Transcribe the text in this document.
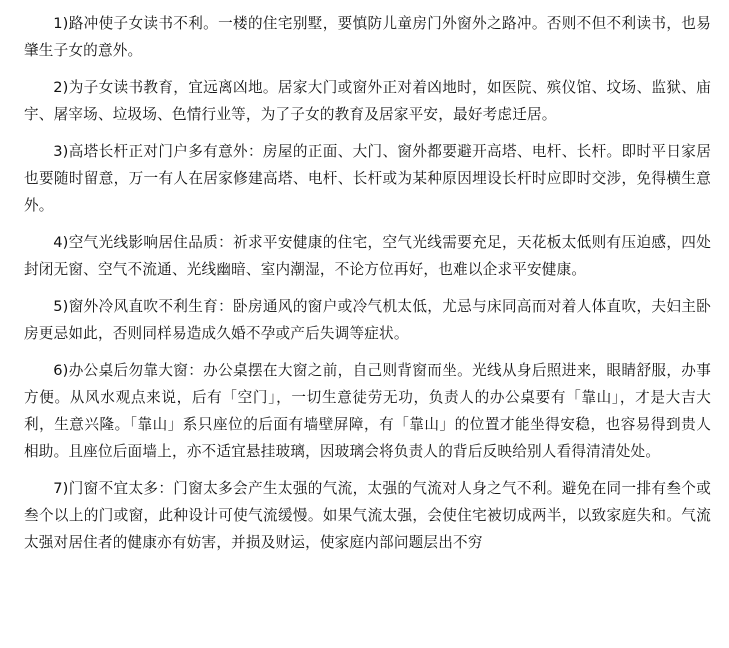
1)路冲使子女读书不利。一楼的住宅别墅，要慎防儿童房门外窗外之路冲。否则不但不利读书，也易肇生子女的意外。

2)为子女读书教育，宜远离凶地。居家大门或窗外正对着凶地时，如医院、殡仪馆、坟场、监狱、庙宇、屠宰场、垃圾场、色情行业等，为了子女的教育及居家平安，最好考虑迁居。

3)高塔长杆正对门户多有意外：房屋的正面、大门、窗外都要避开高塔、电杆、长杆。即时平日家居也要随时留意，万一有人在居家修建高塔、电杆、长杆或为某种原因埋设长杆时应即时交涉，免得横生意外。

4)空气光线影响居住品质：祈求平安健康的住宅，空气光线需要充足，天花板太低则有压迫感，四处封闭无窗、空气不流通、光线幽暗、室内潮湿，不论方位再好，也难以企求平安健康。

5)窗外冷风直吹不利生育：卧房通风的窗户或冷气机太低，尤忌与床同高而对着人体直吹，夫妇主卧房更忌如此，否则同样易造成久婚不孕或产后失调等症状。

6)办公桌后勿靠大窗：办公桌摆在大窗之前，自己则背窗而坐。光线从身后照进来，眼睛舒服，办事方便。从风水观点来说，后有「空门」，一切生意徒劳无功，负责人的办公桌要有「靠山」，才是大吉大利，生意兴隆。「靠山」系只座位的后面有墙壁屏障，有「靠山」的位置才能坐得安稳，也容易得到贵人相助。且座位后面墙上，亦不适宜悬挂玻璃，因玻璃会将负责人的背后反映给别人看得清清处处。

7)门窗不宜太多：门窗太多会产生太强的气流，太强的气流对人身之气不利。避免在同一排有叁个或叁个以上的门或窗，此种设计可使气流缓慢。如果气流太强，会使住宅被切成两半，以致家庭失和。气流太强对居住者的健康亦有妨害，并损及财运，使家庭内部问题层出不穷
